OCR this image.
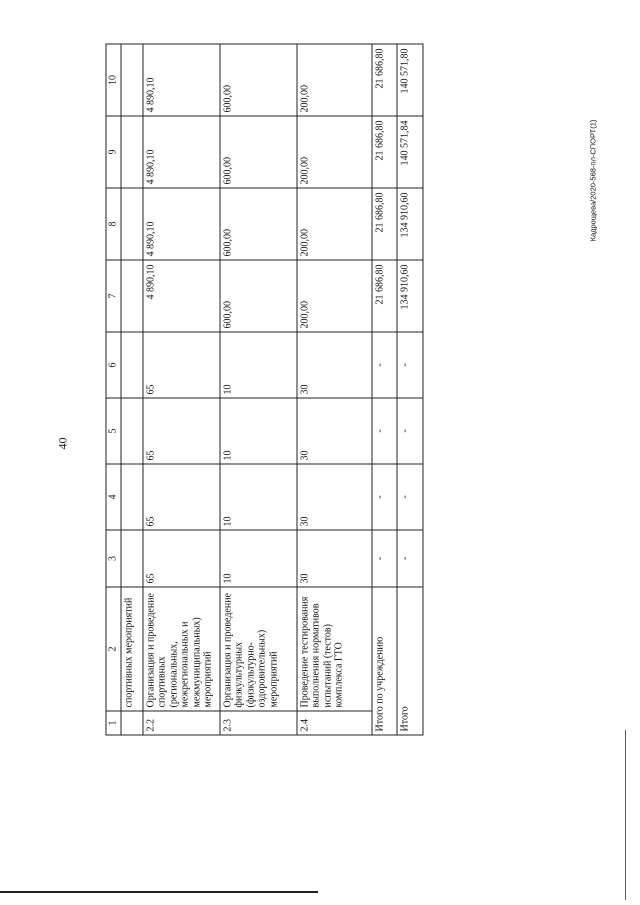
40
Кадрощева/2020-568-пл-СПОРТ(1)
1	2	3	4	5	6	7	8	9	10
	спортивных мероприятий								
2.2	Организация и проведение спортивных (региональных, межрегиональных и межмуниципальных) мероприятий	65	65	65	65	4 890,10	4 890,10	4 890,10	4 890,10
2.3	Организация и проведение физкультурных (физкультурно-оздоровительных) мероприятий	10	10	10	10	600,00	600,00	600,00	600,00
2.4	Проведение тестирования выполнения нормативов испытаний (тестов) комплекса ГТО	30	30	30	30	200,00	200,00	200,00	200,00
Итого по учреждению		-	-	-	-	21 686,80	21 686,80	21 686,80	21 686,80
Итого		-	-	-	-	134 910,60	134 910,60	140 571,84	140 571,80
